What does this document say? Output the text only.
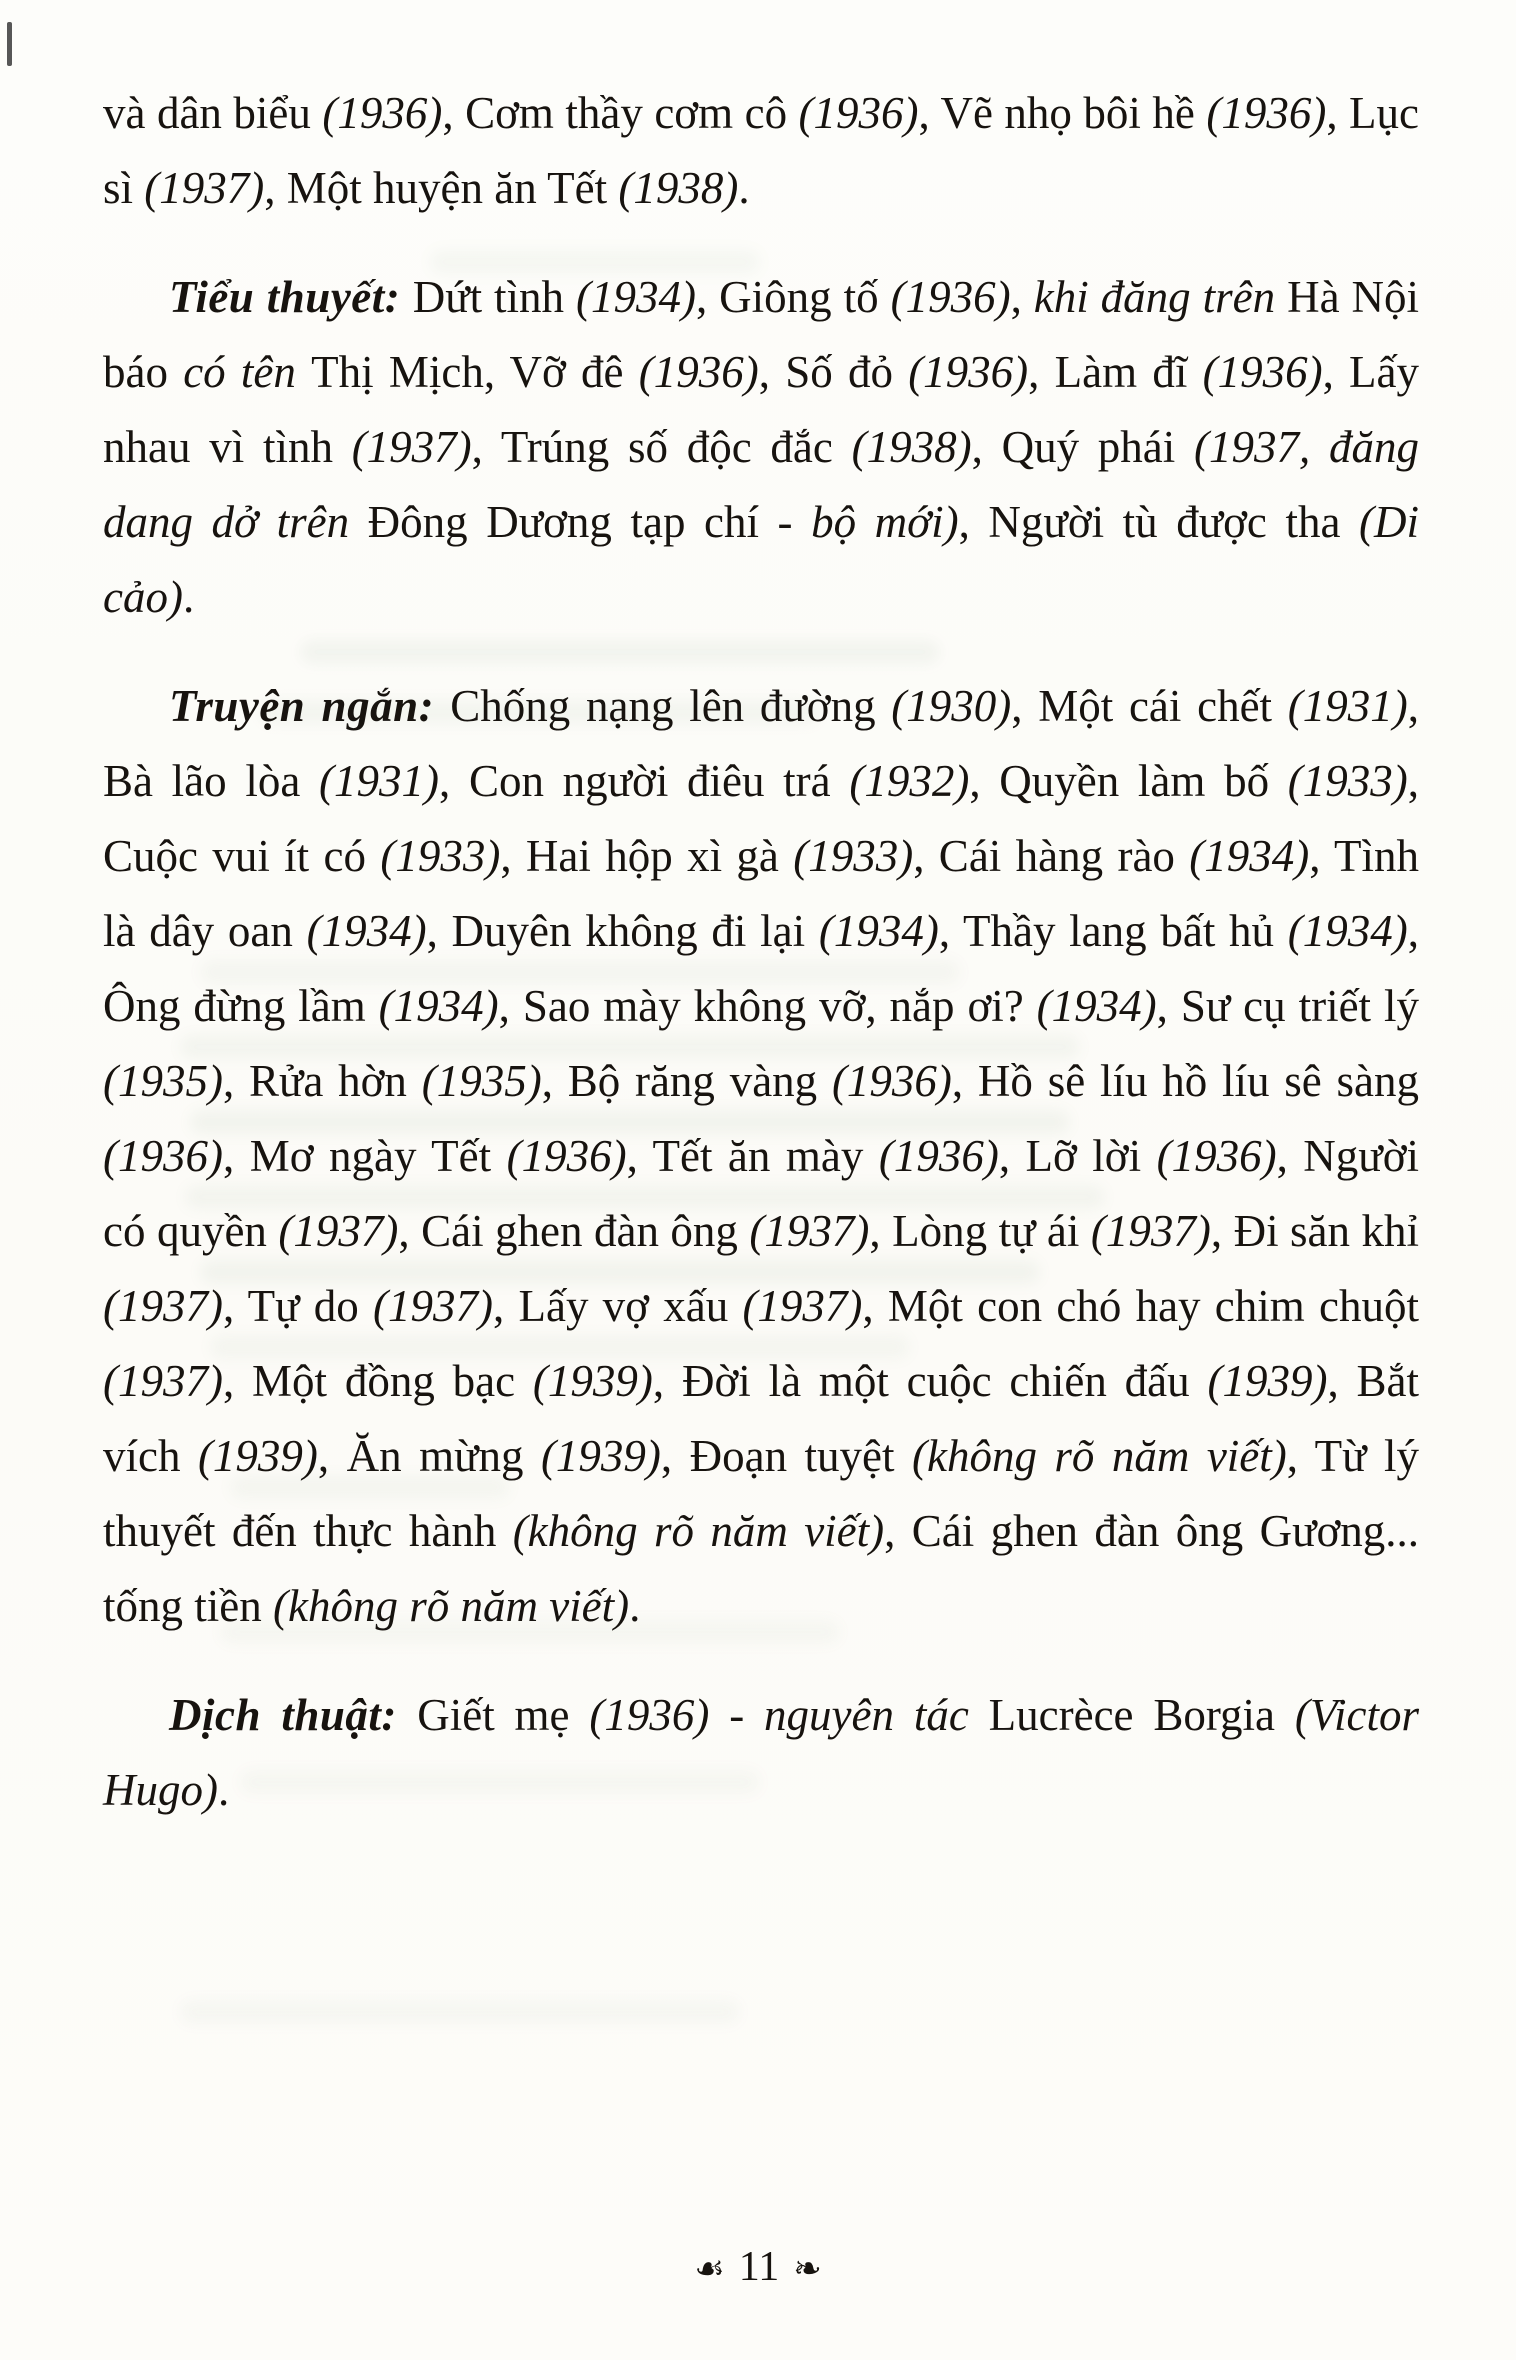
và dân biểu (1936), Cơm thầy cơm cô (1936), Vẽ nhọ bôi hề (1936), Lục sì (1937), Một huyện ăn Tết (1938).

Tiểu thuyết: Dứt tình (1934), Giông tố (1936), khi đăng trên Hà Nội báo có tên Thị Mịch, Vỡ đê (1936), Số đỏ (1936), Làm đĩ (1936), Lấy nhau vì tình (1937), Trúng số độc đắc (1938), Quý phái (1937, đăng dang dở trên Đông Dương tạp chí - bộ mới), Người tù được tha (Di cảo).

Truyện ngắn: Chống nạng lên đường (1930), Một cái chết (1931), Bà lão lòa (1931), Con người điêu trá (1932), Quyền làm bố (1933), Cuộc vui ít có (1933), Hai hộp xì gà (1933), Cái hàng rào (1934), Tình là dây oan (1934), Duyên không đi lại (1934), Thầy lang bất hủ (1934), Ông đừng lầm (1934), Sao mày không vỡ, nắp ơi? (1934), Sư cụ triết lý (1935), Rửa hờn (1935), Bộ răng vàng (1936), Hồ sê líu hồ líu sê sàng (1936), Mơ ngày Tết (1936), Tết ăn mày (1936), Lỡ lời (1936), Người có quyền (1937), Cái ghen đàn ông (1937), Lòng tự ái (1937), Đi săn khỉ (1937), Tự do (1937), Lấy vợ xấu (1937), Một con chó hay chim chuột (1937), Một đồng bạc (1939), Đời là một cuộc chiến đấu (1939), Bắt vích (1939), Ăn mừng (1939), Đoạn tuyệt (không rõ năm viết), Từ lý thuyết đến thực hành (không rõ năm viết), Cái ghen đàn ông Gương... tống tiền (không rõ năm viết).

Dịch thuật: Giết mẹ (1936) - nguyên tác Lucrèce Borgia (Victor Hugo).

☙ 11 ❧
